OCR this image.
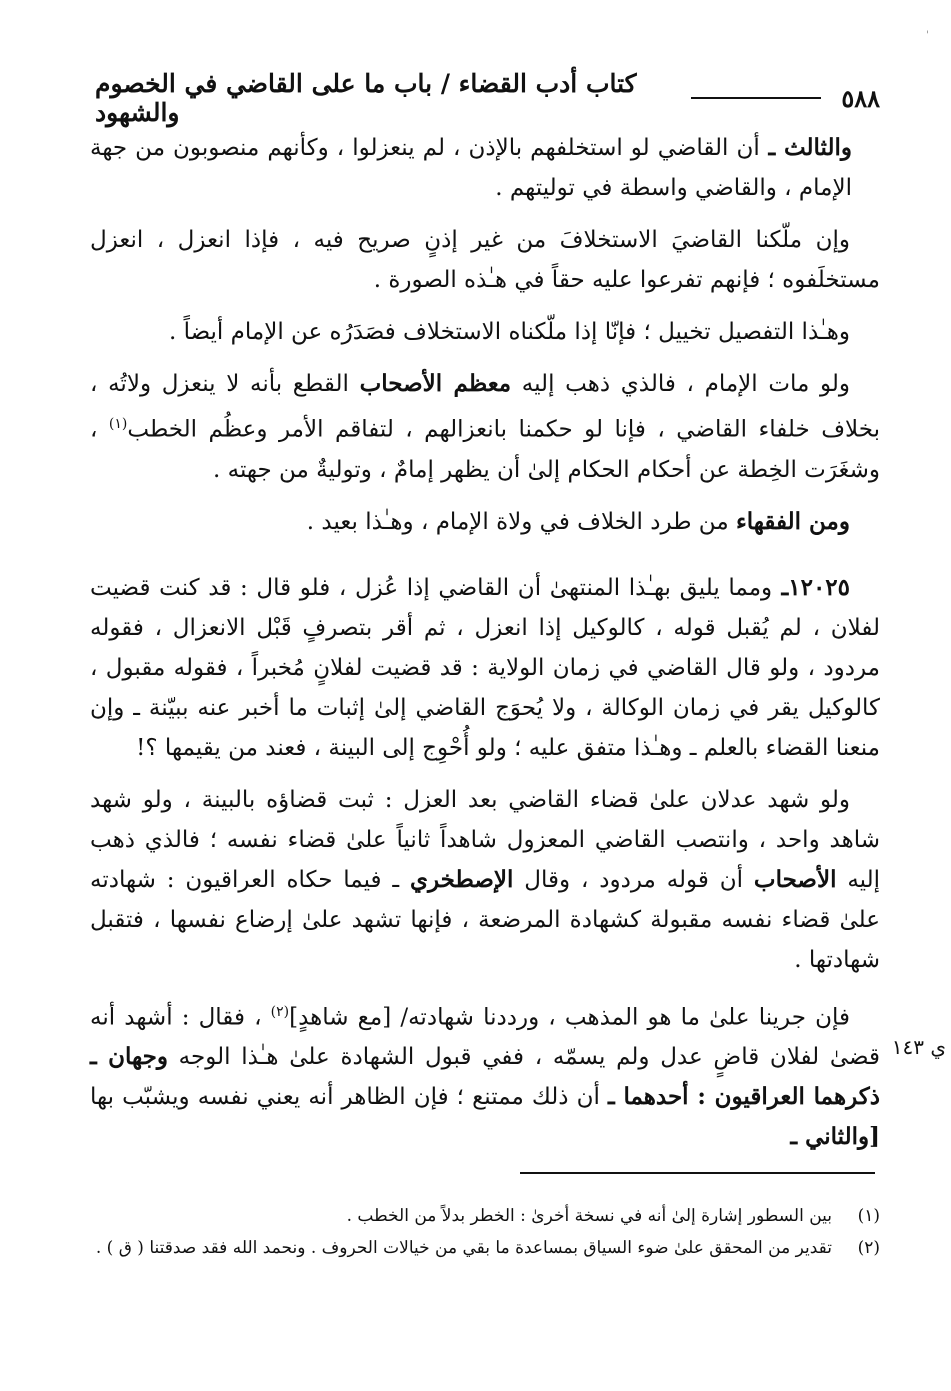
'
٥٨٨
كتاب أدب القضاء / باب ما على القاضي في الخصوم والشهود

والثالث ـ أن القاضي لو استخلفهم بالإذن ، لم ينعزلوا ، وكأنهم منصوبون من جهة الإمام ، والقاضي واسطة في توليتهم .

وإن ملّكنا القاضيَ الاستخلافَ من غير إذنٍ صريح فيه ، فإذا انعزل ، انعزل مستخلَفوه ؛ فإنهم تفرعوا عليه حقاً في هـٰذه الصورة .

وهـٰذا التفصيل تخييل ؛ فإنّا إذا ملّكناه الاستخلاف فصَدَرُه عن الإمام أيضاً .

ولو مات الإمام ، فالذي ذهب إليه معظم الأصحاب القطع بأنه لا ينعزل ولاتُه ، بخلاف خلفاء القاضي ، فإنا لو حكمنا بانعزالهم ، لتفاقم الأمر وعظُم الخطب$^{(١)}$ ، وشغَرَت الخِطة عن أحكام الحكام إلىٰ أن يظهر إمامٌ ، وتوليةٌ من جهته .

ومن الفقهاء من طرد الخلاف في ولاة الإمام ، وهـٰذا بعيد .

١٢٠٢٥ـ ومما يليق بهـٰذا المنتهىٰ أن القاضي إذا عُزل ، فلو قال : قد كنت قضيت لفلان ، لم يُقبل قوله ، كالوكيل إذا انعزل ، ثم أقر بتصرفٍ قَبْل الانعزال ، فقوله مردود ، ولو قال القاضي في زمان الولاية : قد قضيت لفلانٍ مُخبراً ، فقوله مقبول ، كالوكيل يقر في زمان الوكالة ، ولا يُحوَج القاضي إلىٰ إثبات ما أخبر عنه ببيّنة ـ وإن منعنا القضاء بالعلم ـ وهـٰذا متفق عليه ؛ ولو أُحْوِج إلى البينة ، فعند من يقيمها ؟!

ولو شهد عدلان علىٰ قضاء القاضي بعد العزل : ثبت قضاؤه بالبينة ، ولو شهد شاهد واحد ، وانتصب القاضي المعزول شاهداً ثانياً علىٰ قضاء نفسه ؛ فالذي ذهب إليه الأصحاب أن قوله مردود ، وقال الإصطخري ـ فيما حكاه العراقيون : شهادته علىٰ قضاء نفسه مقبولة كشهادة المرضعة ، فإنها تشهد علىٰ إرضاع نفسها ، فتقبل شهادتها .

فإن جرينا علىٰ ما هو المذهب ، ورددنا شهادته/ [مع شاهدٍ]$^{(٢)}$ ، فقال : أشهد أنه قضىٰ لفلان قاضٍ عدل ولم يسمّه ، ففي قبول الشهادة علىٰ هـٰذا الوجه وجهان ـ ذكرهما العراقيون : أحدهما ـ أن ذلك ممتنع ؛ فإن الظاهر أنه يعني نفسه ويشبّب بها [والثاني ـ

ي ١٤٣
(١)
بين السطور إشارة إلىٰ أنه في نسخة أخرىٰ : الخطر بدلاً من الخطب .
(٢)
تقدير من المحقق علىٰ ضوء السياق بمساعدة ما بقي من خيالات الحروف . ونحمد الله فقد صدقتنا ( ق ) .
